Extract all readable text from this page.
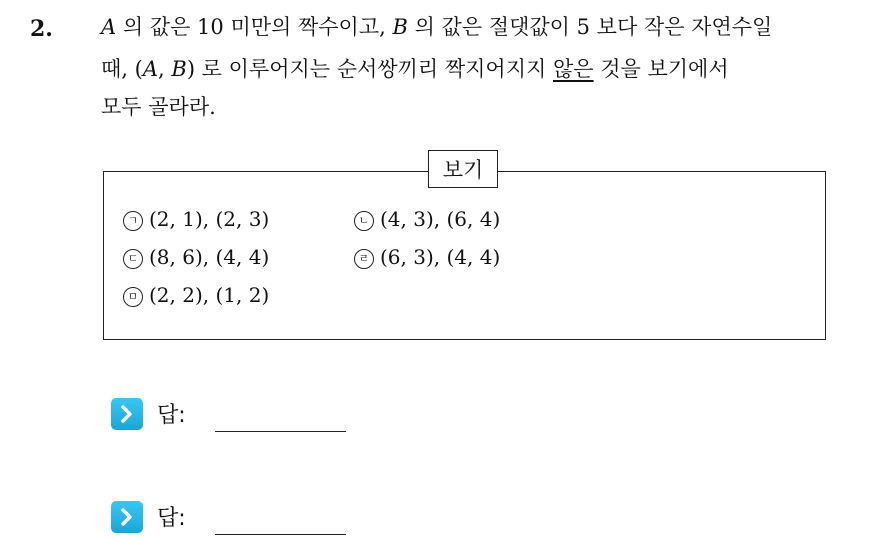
2. A 의 값은 10 미만의 짝수이고, B 의 값은 절댓값이 5 보다 작은 자연수일
때, (A, B) 로 이루어지는 순서쌍끼리 짝지어지지 않은 것을 보기에서
모두 골라라.
보기
ㄱ (2, 1), (2, 3)	ㄴ (4, 3), (6, 4)
ㄷ (8, 6), (4, 4)	ㄹ (6, 3), (4, 4)
ㅁ (2, 2), (1, 2)
답:
답:
